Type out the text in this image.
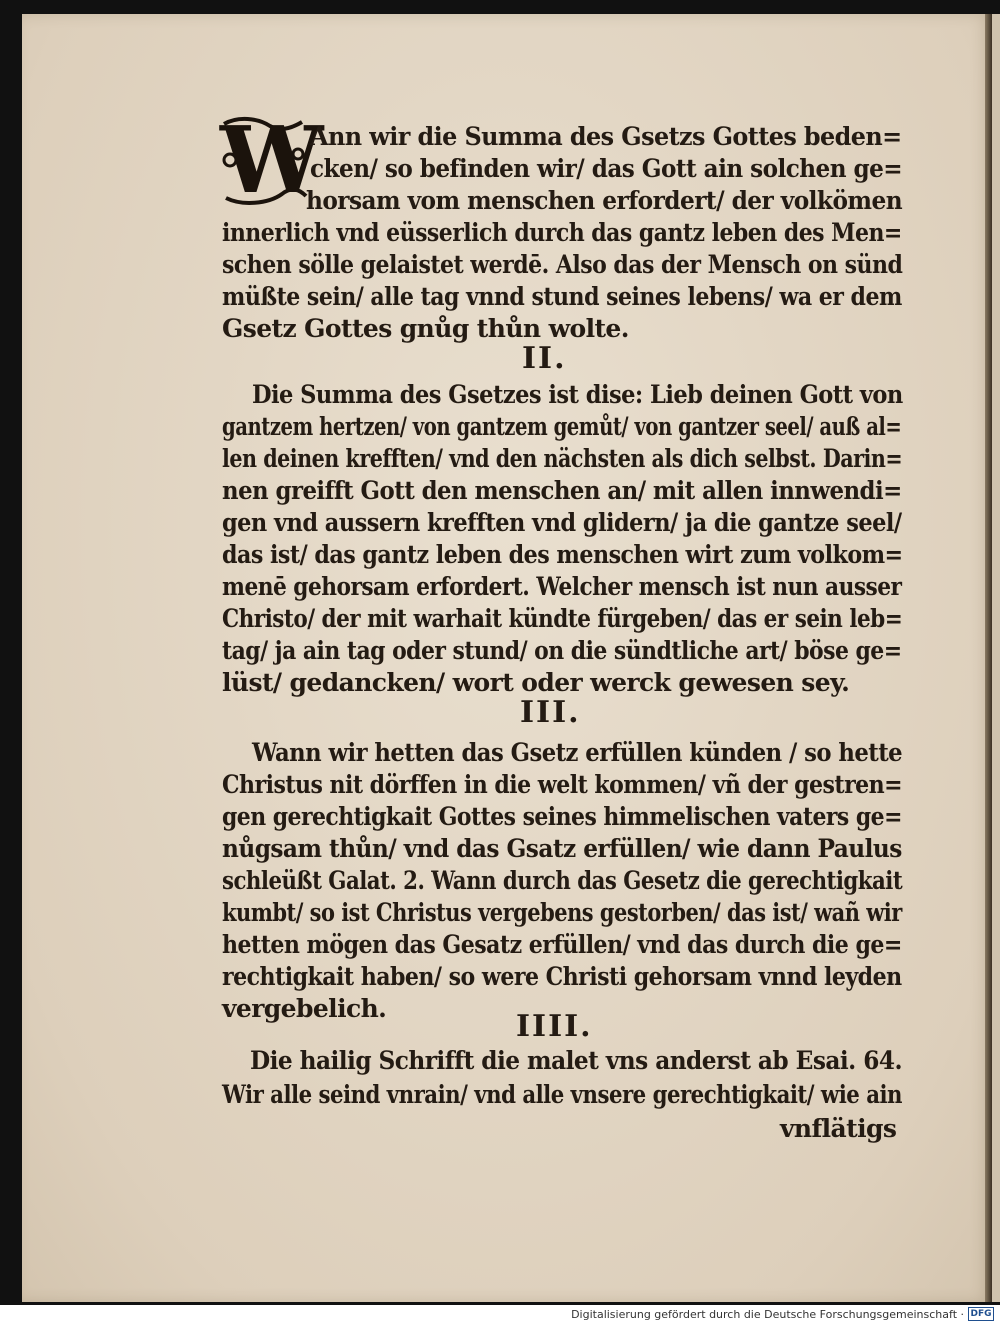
W
Ann wir die Summa des Gsetzs Gottes beden=
cken/ so befinden wir/ das Gott ain solchen ge=
horsam vom menschen erfordert/ der volkömen
innerlich vnd eüsserlich durch das gantz leben des Men=
schen sölle gelaistet werdē. Also das der Mensch on sünd
müßte sein/ alle tag vnnd stund seines lebens/ wa er dem
Gsetz Gottes gnůg thůn wolte.
II.
Die Summa des Gsetzes ist dise: Lieb deinen Gott von
gantzem hertzen/ von gantzem gemůt/ von gantzer seel/ auß al=
len deinen krefften/ vnd den nächsten als dich selbst. Darin=
nen greifft Gott den menschen an/ mit allen innwendi=
gen vnd aussern krefften vnd glidern/ ja die gantze seel/
das ist/ das gantz leben des menschen wirt zum volkom=
menē gehorsam erfordert. Welcher mensch ist nun ausser
Christo/ der mit warhait kündte fürgeben/ das er sein leb=
tag/ ja ain tag oder stund/ on die sündtliche art/ böse ge=
lüst/ gedancken/ wort oder werck gewesen sey.
III.
Wann wir hetten das Gsetz erfüllen künden / so hette
Christus nit dörffen in die welt kommen/ vñ der gestren=
gen gerechtigkait Gottes seines himmelischen vaters ge=
nůgsam thůn/ vnd das Gsatz erfüllen/ wie dann Paulus
schleüßt Galat. 2. Wann durch das Gesetz die gerechtigkait
kumbt/ so ist Christus vergebens gestorben/ das ist/ wañ wir
hetten mögen das Gesatz erfüllen/ vnd das durch die ge=
rechtigkait haben/ so were Christi gehorsam vnnd leyden
vergebelich.
IIII.
Die hailig Schrifft die malet vns anderst ab Esai. 64.
Wir alle seind vnrain/ vnd alle vnsere gerechtigkait/ wie ain
vnflätigs
Digitalisierung gefördert durch die Deutsche Forschungsgemeinschaft · DFG
